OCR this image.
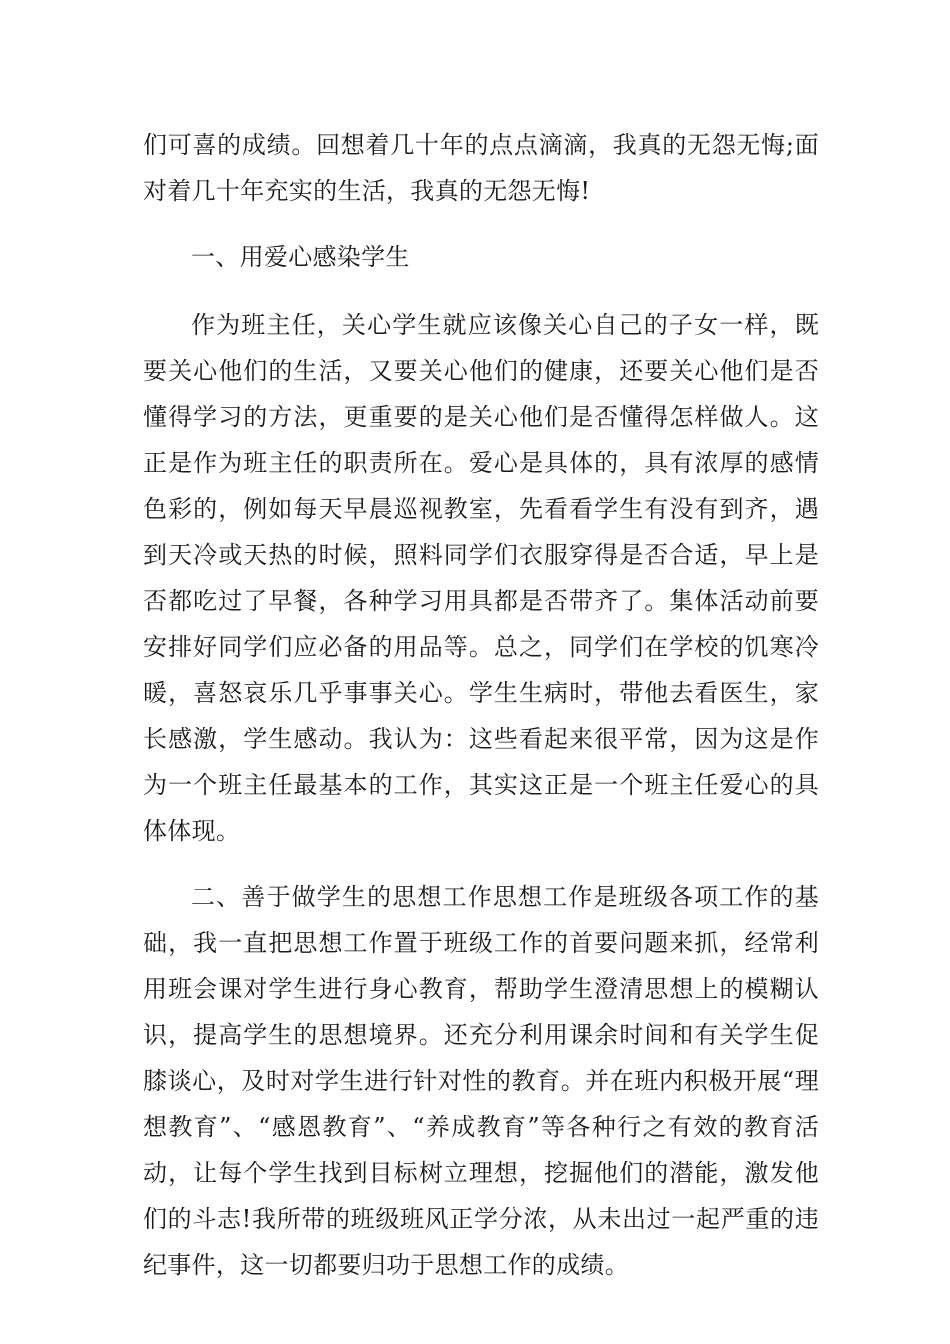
们可喜的成绩。回想着几十年的点点滴滴，我真的无怨无悔;面对着几十年充实的生活，我真的无怨无悔!

一、用爱心感染学生

作为班主任，关心学生就应该像关心自己的子女一样，既要关心他们的生活，又要关心他们的健康，还要关心他们是否懂得学习的方法，更重要的是关心他们是否懂得怎样做人。这正是作为班主任的职责所在。爱心是具体的，具有浓厚的感情色彩的，例如每天早晨巡视教室，先看看学生有没有到齐，遇到天冷或天热的时候，照料同学们衣服穿得是否合适，早上是否都吃过了早餐，各种学习用具都是否带齐了。集体活动前要安排好同学们应必备的用品等。总之，同学们在学校的饥寒冷暖，喜怒哀乐几乎事事关心。学生生病时，带他去看医生，家长感激，学生感动。我认为：这些看起来很平常，因为这是作为一个班主任最基本的工作，其实这正是一个班主任爱心的具体体现。

二、善于做学生的思想工作思想工作是班级各项工作的基础，我一直把思想工作置于班级工作的首要问题来抓，经常利用班会课对学生进行身心教育，帮助学生澄清思想上的模糊认识，提高学生的思想境界。还充分利用课余时间和有关学生促膝谈心，及时对学生进行针对性的教育。并在班内积极开展“理想教育”、“感恩教育”、“养成教育”等各种行之有效的教育活动，让每个学生找到目标树立理想，挖掘他们的潜能，激发他们的斗志!我所带的班级班风正学分浓，从未出过一起严重的违纪事件，这一切都要归功于思想工作的成绩。
